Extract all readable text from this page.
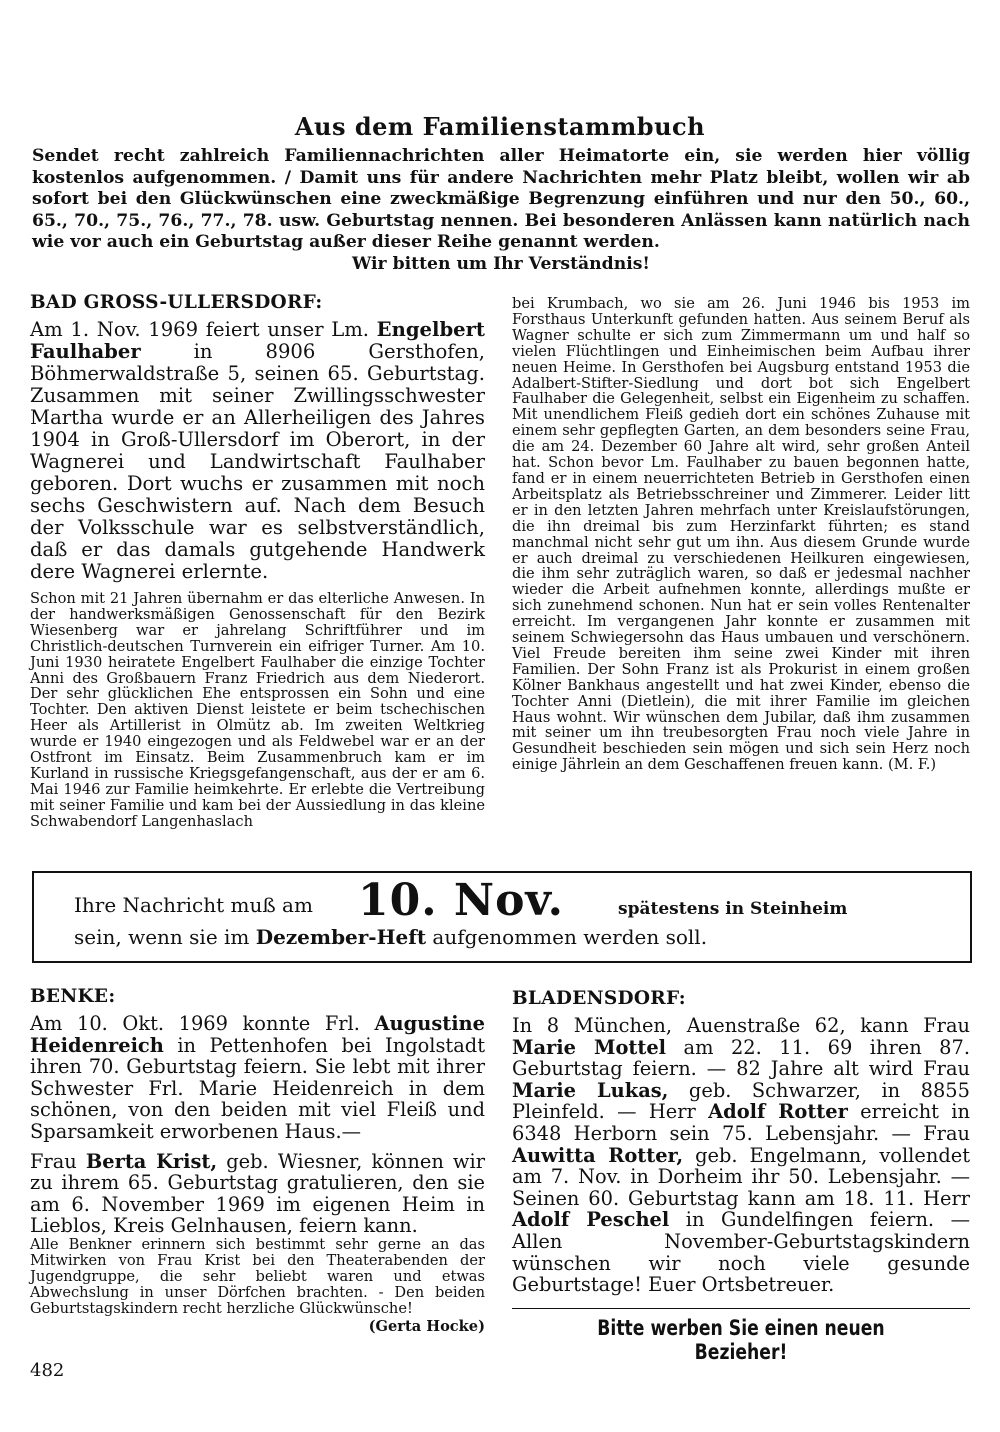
Aus dem Familienstammbuch
Sendet recht zahlreich Familiennachrichten aller Heimatorte ein, sie werden hier völlig kostenlos aufgenommen. / Damit uns für andere Nachrichten mehr Platz bleibt, wollen wir ab sofort bei den Glückwünschen eine zweckmäßige Begrenzung einführen und nur den 50., 60., 65., 70., 75., 76., 77., 78. usw. Geburtstag nennen. Bei besonderen Anlässen kann natürlich nach wie vor auch ein Geburtstag außer dieser Reihe genannt werden.
Wir bitten um Ihr Verständnis!
BAD GROSS-ULLERSDORF:

Am 1. Nov. 1969 feiert unser Lm. Engelbert Faulhaber in 8906 Gersthofen, Böhmerwaldstraße 5, seinen 65. Geburtstag. Zusammen mit seiner Zwillingsschwester Martha wurde er an Allerheiligen des Jahres 1904 in Groß-Ullersdorf im Oberort, in der Wagnerei und Landwirtschaft Faulhaber geboren. Dort wuchs er zusammen mit noch sechs Geschwistern auf. Nach dem Besuch der Volksschule war es selbstverständlich, daß er das damals gutgehende Handwerk dere Wagnerei erlernte.

Schon mit 21 Jahren übernahm er das elterliche Anwesen. In der handwerksmäßigen Genossenschaft für den Bezirk Wiesenberg war er jahrelang Schriftführer und im Christlich-deutschen Turnverein ein eifriger Turner. Am 10. Juni 1930 heiratete Engelbert Faulhaber die einzige Tochter Anni des Großbauern Franz Friedrich aus dem Niederort. Der sehr glücklichen Ehe entsprossen ein Sohn und eine Tochter. Den aktiven Dienst leistete er beim tschechischen Heer als Artillerist in Olmütz ab. Im zweiten Weltkrieg wurde er 1940 eingezogen und als Feldwebel war er an der Ostfront im Einsatz. Beim Zusammenbruch kam er im Kurland in russische Kriegsgefangenschaft, aus der er am 6. Mai 1946 zur Familie heimkehrte. Er erlebte die Vertreibung mit seiner Familie und kam bei der Aussiedlung in das kleine Schwabendorf Langenhaslach

bei Krumbach, wo sie am 26. Juni 1946 bis 1953 im Forsthaus Unterkunft gefunden hatten. Aus seinem Beruf als Wagner schulte er sich zum Zimmermann um und half so vielen Flüchtlingen und Einheimischen beim Aufbau ihrer neuen Heime. In Gersthofen bei Augsburg entstand 1953 die Adalbert-Stifter-Siedlung und dort bot sich Engelbert Faulhaber die Gelegenheit, selbst ein Eigenheim zu schaffen. Mit unendlichem Fleiß gedieh dort ein schönes Zuhause mit einem sehr gepflegten Garten, an dem besonders seine Frau, die am 24. Dezember 60 Jahre alt wird, sehr großen Anteil hat. Schon bevor Lm. Faulhaber zu bauen begonnen hatte, fand er in einem neuerrichteten Betrieb in Gersthofen einen Arbeitsplatz als Betriebsschreiner und Zimmerer. Leider litt er in den letzten Jahren mehrfach unter Kreislaufstörungen, die ihn dreimal bis zum Herzinfarkt führten; es stand manchmal nicht sehr gut um ihn. Aus diesem Grunde wurde er auch dreimal zu verschiedenen Heilkuren eingewiesen, die ihm sehr zuträglich waren, so daß er jedesmal nachher wieder die Arbeit aufnehmen konnte, allerdings mußte er sich zunehmend schonen. Nun hat er sein volles Rentenalter erreicht. Im vergangenen Jahr konnte er zusammen mit seinem Schwiegersohn das Haus umbauen und verschönern. Viel Freude bereiten ihm seine zwei Kinder mit ihren Familien. Der Sohn Franz ist als Prokurist in einem großen Kölner Bankhaus angestellt und hat zwei Kinder, ebenso die Tochter Anni (Dietlein), die mit ihrer Familie im gleichen Haus wohnt. Wir wünschen dem Jubilar, daß ihm zusammen mit seiner um ihn treubesorgten Frau noch viele Jahre in Gesundheit beschieden sein mögen und sich sein Herz noch einige Jährlein an dem Geschaffenen freuen kann. (M. F.)

Ihre Nachricht muß am 10. Nov.	spätestens in Steinheim
sein, wenn sie im Dezember-Heft aufgenommen werden soll.
BENKE:

Am 10. Okt. 1969 konnte Frl. Augustine Heidenreich in Pettenhofen bei Ingolstadt ihren 70. Geburtstag feiern. Sie lebt mit ihrer Schwester Frl. Marie Heidenreich in dem schönen, von den beiden mit viel Fleiß und Sparsamkeit erworbenen Haus.—

Frau Berta Krist, geb. Wiesner, können wir zu ihrem 65. Geburtstag gratulieren, den sie am 6. November 1969 im eigenen Heim in Lieblos, Kreis Gelnhausen, feiern kann.

Alle Benkner erinnern sich bestimmt sehr gerne an das Mitwirken von Frau Krist bei den Theaterabenden der Jugendgruppe, die sehr beliebt waren und etwas Abwechslung in unser Dörfchen brachten. - Den beiden Geburtstagskindern recht herzliche Glückwünsche!

(Gerta Hocke)
BLADENSDORF:

In 8 München, Auenstraße 62, kann Frau Marie Mottel am 22. 11. 69 ihren 87. Geburtstag feiern. — 82 Jahre alt wird Frau Marie Lukas, geb. Schwarzer, in 8855 Pleinfeld. — Herr Adolf Rotter erreicht in 6348 Herborn sein 75. Lebensjahr. — Frau Auwitta Rotter, geb. Engelmann, vollendet am 7. Nov. in Dorheim ihr 50. Lebensjahr. — Seinen 60. Geburtstag kann am 18. 11. Herr Adolf Peschel in Gundelfingen feiern. — Allen November-Geburtstagskindern wünschen wir noch viele gesunde Geburtstage! Euer Ortsbetreuer.

Bitte werben Sie einen neuen Bezieher!
482
